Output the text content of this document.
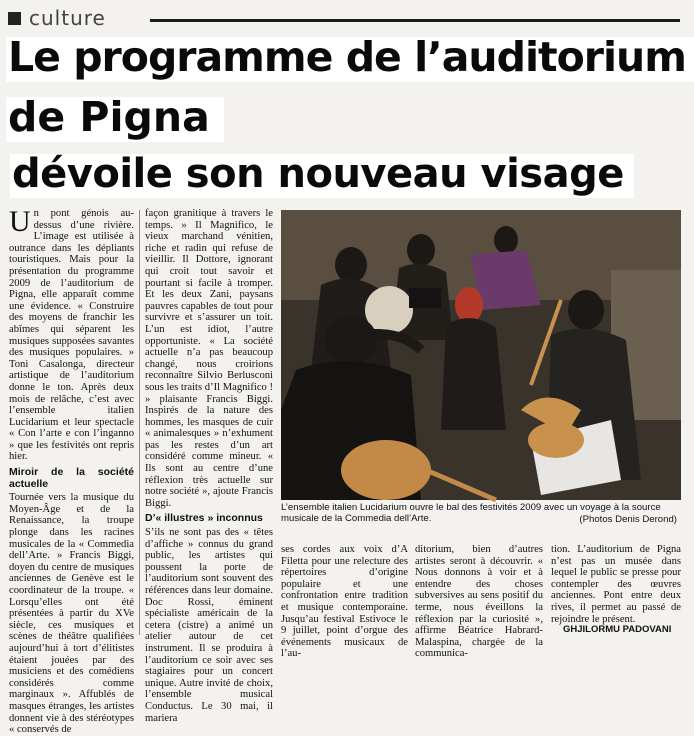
culture
Le programme de l’auditorium
de Pigna
dévoile son nouveau visage

Un pont génois au-dessus d’une rivière. L’image est utilisée à outrance dans les dépliants touristiques. Mais pour la présentation du programme 2009 de l’auditorium de Pigna, elle apparaît comme une évidence. « Construire des moyens de franchir les abîmes qui séparent les musiques supposées savantes des musiques populaires. » Toni Casalonga, directeur artistique de l’auditorium donne le ton. Après deux mois de relâche, c’est avec l’ensemble italien Lucidarium et leur spectacle « Con l’arte e con l’inganno » que les festivités ont repris hier.

Miroir de la société actuelle

Tournée vers la musique du Moyen-Âge et de la Renaissance, la troupe plonge dans les racines musicales de la « Commedia dell’Arte. » Francis Biggi, doyen du centre de musiques anciennes de Genève est le coordinateur de la troupe. « Lorsqu’elles ont été présentées à partir du XVe siècle, ces musiques et scènes de théâtre qualifiées aujourd’hui à tort d’élitistes étaient jouées par des musiciens et des comédiens considérés comme marginaux ». Affublés de masques étranges, les artistes donnent vie à des stéréotypes « conservés de

façon granitique à travers le temps. » Il Magnifico, le vieux marchand vénitien, riche et radin qui refuse de vieillir. Il Dottore, ignorant qui croit tout savoir et pourtant si facile à tromper. Et les deux Zani, paysans pauvres capables de tout pour survivre et s’assurer un toit. L’un est idiot, l’autre opportuniste. « La société actuelle n’a pas beaucoup changé, nous croirions reconnaître Silvio Berlusconi sous les traits d’Il Magnifico ! » plaisante Francis Biggi. Inspirés de la nature des hommes, les masques de cuir « animalesques » n’exhument pas les restes d’un art considéré comme mineur. « Ils sont au centre d’une réflexion très actuelle sur notre société », ajoute Francis Biggi.

D’« illustres » inconnus

S’ils ne sont pas des « têtes d’affiche » connus du grand public, les artistes qui poussent la porte de l’auditorium sont souvent des références dans leur domaine. Doc Rossi, éminent spécialiste américain de la cetera (cistre) a animé un atelier autour de cet instrument. Il se produira à l’auditorium ce soir avec ses stagiaires pour un concert unique. Autre invité de choix, l’ensemble musical Conductus. Le 30 mai, il mariera

L’ensemble italien Lucidarium ouvre le bal des festivités 2009 avec un voyage à la source musicale de la Commedia dell’Arte.	(Photos Denis Derond)

ses cordes aux voix d’A Filetta pour une relecture des répertoires d’origine populaire et une confrontation entre tradition et musique contemporaine. Jusqu’au festival Estivoce le 9 juillet, point d’orgue des événements musicaux de l’au-

ditorium, bien d’autres artistes seront à découvrir. « Nous donnons à voir et à entendre des choses subversives au sens positif du terme, nous éveillons la réflexion par la curiosité », affirme Béatrice Habrard-Malaspina, chargée de la communica-

tion. L’auditorium de Pigna n’est pas un musée dans lequel le public se presse pour contempler des œuvres anciennes. Pont entre deux rives, il permet au passé de rejoindre le présent.

GHJILORMU PADOVANI
